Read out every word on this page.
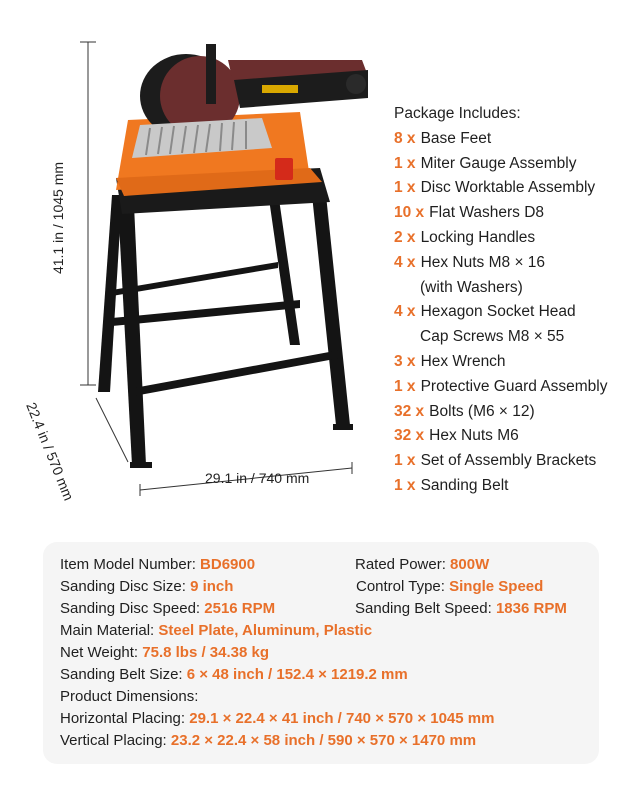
41.1 in / 1045 mm
29.1 in / 740 mm
22.4 in / 570 mm
Package Includes:
8 x Base Feet
1 x Miter Gauge Assembly
1 x Disc Worktable Assembly
10 x Flat Washers D8
2 x Locking Handles
4 x Hex Nuts M8 × 16
(with Washers)
4 x Hexagon Socket Head
Cap Screws M8 × 55
3 x Hex Wrench
1 x Protective Guard Assembly
32 x Bolts (M6 × 12)
32 x Hex Nuts M6
1 x Set of Assembly Brackets
1 x Sanding Belt
Item Model Number: BD6900	Rated Power: 800W
Sanding Disc Size: 9 inch	Control Type: Single Speed
Sanding Disc Speed: 2516 RPM	Sanding Belt Speed: 1836 RPM
Main Material: Steel Plate, Aluminum, Plastic
Net Weight: 75.8 lbs / 34.38 kg
Sanding Belt Size: 6 × 48 inch / 152.4 × 1219.2 mm
Product Dimensions:
Horizontal Placing: 29.1 × 22.4 × 41 inch / 740 × 570 × 1045 mm
Vertical Placing: 23.2 × 22.4 × 58 inch / 590 × 570 × 1470 mm
